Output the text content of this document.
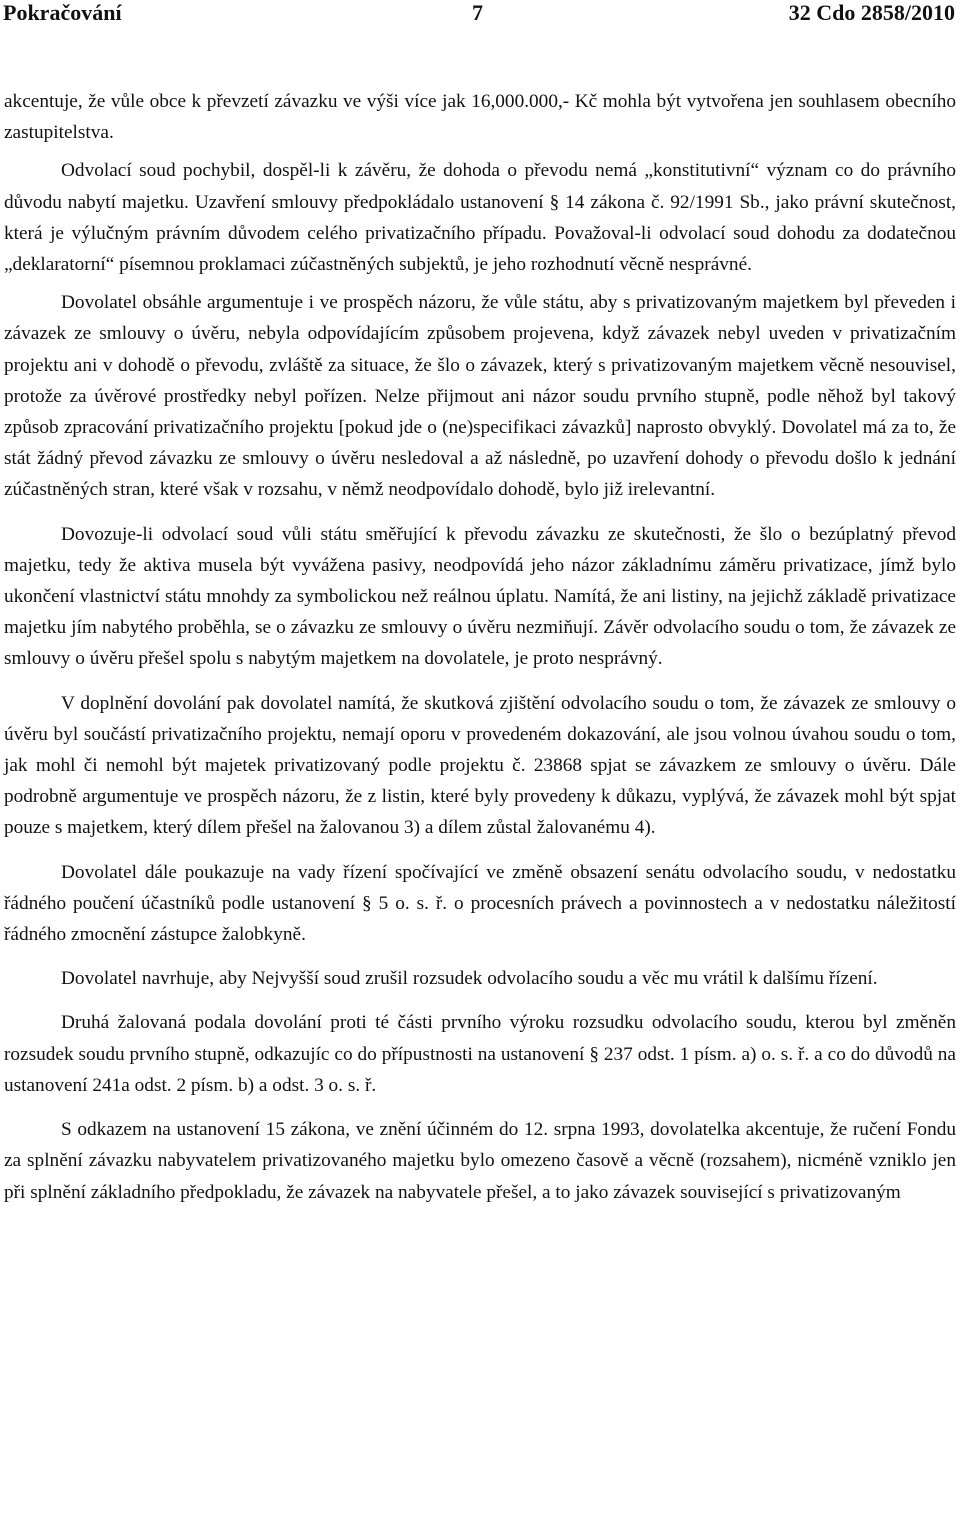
Pokračování	7	32 Cdo 2858/2010

akcentuje, že vůle obce k převzetí závazku ve výši více jak 16,000.000,- Kč mohla být vytvořena jen souhlasem obecního zastupitelstva.

Odvolací soud pochybil, dospěl-li k závěru, že dohoda o převodu nemá „konstitutivní“ význam co do právního důvodu nabytí majetku. Uzavření smlouvy předpokládalo ustanovení § 14 zákona č. 92/1991 Sb., jako právní skutečnost, která je výlučným právním důvodem celého privatizačního případu. Považoval-li odvolací soud dohodu za dodatečnou „deklaratorní“ písemnou proklamaci zúčastněných subjektů, je jeho rozhodnutí věcně nesprávné.

Dovolatel obsáhle argumentuje i ve prospěch názoru, že vůle státu, aby s privatizovaným majetkem byl převeden i závazek ze smlouvy o úvěru, nebyla odpovídajícím způsobem projevena, když závazek nebyl uveden v privatizačním projektu ani v dohodě o převodu, zvláště za situace, že šlo o závazek, který s privatizovaným majetkem věcně nesouvisel, protože za úvěrové prostředky nebyl pořízen. Nelze přijmout ani názor soudu prvního stupně, podle něhož byl takový způsob zpracování privatizačního projektu [pokud jde o (ne)specifikaci závazků] naprosto obvyklý. Dovolatel má za to, že stát žádný převod závazku ze smlouvy o úvěru nesledoval a až následně, po uzavření dohody o převodu došlo k jednání zúčastněných stran, které však v rozsahu, v němž neodpovídalo dohodě, bylo již irelevantní.

Dovozuje-li odvolací soud vůli státu směřující k převodu závazku ze skutečnosti, že šlo o bezúplatný převod majetku, tedy že aktiva musela být vyvážena pasivy, neodpovídá jeho názor základnímu záměru privatizace, jímž bylo ukončení vlastnictví státu mnohdy za symbolickou než reálnou úplatu. Namítá, že ani listiny, na jejichž základě privatizace majetku jím nabytého proběhla, se o závazku ze smlouvy o úvěru nezmiňují. Závěr odvolacího soudu o tom, že závazek ze smlouvy o úvěru přešel spolu s nabytým majetkem na dovolatele, je proto nesprávný.

V doplnění dovolání pak dovolatel namítá, že skutková zjištění odvolacího soudu o tom, že závazek ze smlouvy o úvěru byl součástí privatizačního projektu, nemají oporu v provedeném dokazování, ale jsou volnou úvahou soudu o tom, jak mohl či nemohl být majetek privatizovaný podle projektu č. 23868 spjat se závazkem ze smlouvy o úvěru. Dále podrobně argumentuje ve prospěch názoru, že z listin, které byly provedeny k důkazu, vyplývá, že závazek mohl být spjat pouze s majetkem, který dílem přešel na žalovanou 3) a dílem zůstal žalovanému 4).

Dovolatel dále poukazuje na vady řízení spočívající ve změně obsazení senátu odvolacího soudu, v nedostatku řádného poučení účastníků podle ustanovení § 5 o. s. ř. o procesních právech a povinnostech a v nedostatku náležitostí řádného zmocnění zástupce žalobkyně.

Dovolatel navrhuje, aby Nejvyšší soud zrušil rozsudek odvolacího soudu a věc mu vrátil k dalšímu řízení.

Druhá žalovaná podala dovolání proti té části prvního výroku rozsudku odvolacího soudu, kterou byl změněn rozsudek soudu prvního stupně, odkazujíc co do přípustnosti na ustanovení § 237 odst. 1 písm. a) o. s. ř. a co do důvodů na ustanovení 241a odst. 2 písm. b) a odst. 3 o. s. ř.

S odkazem na ustanovení 15 zákona, ve znění účinném do 12. srpna 1993, dovolatelka akcentuje, že ručení Fondu za splnění závazku nabyvatelem privatizovaného majetku bylo omezeno časově a věcně (rozsahem), nicméně vzniklo jen při splnění základního předpokladu, že závazek na nabyvatele přešel, a to jako závazek související s privatizovaným
